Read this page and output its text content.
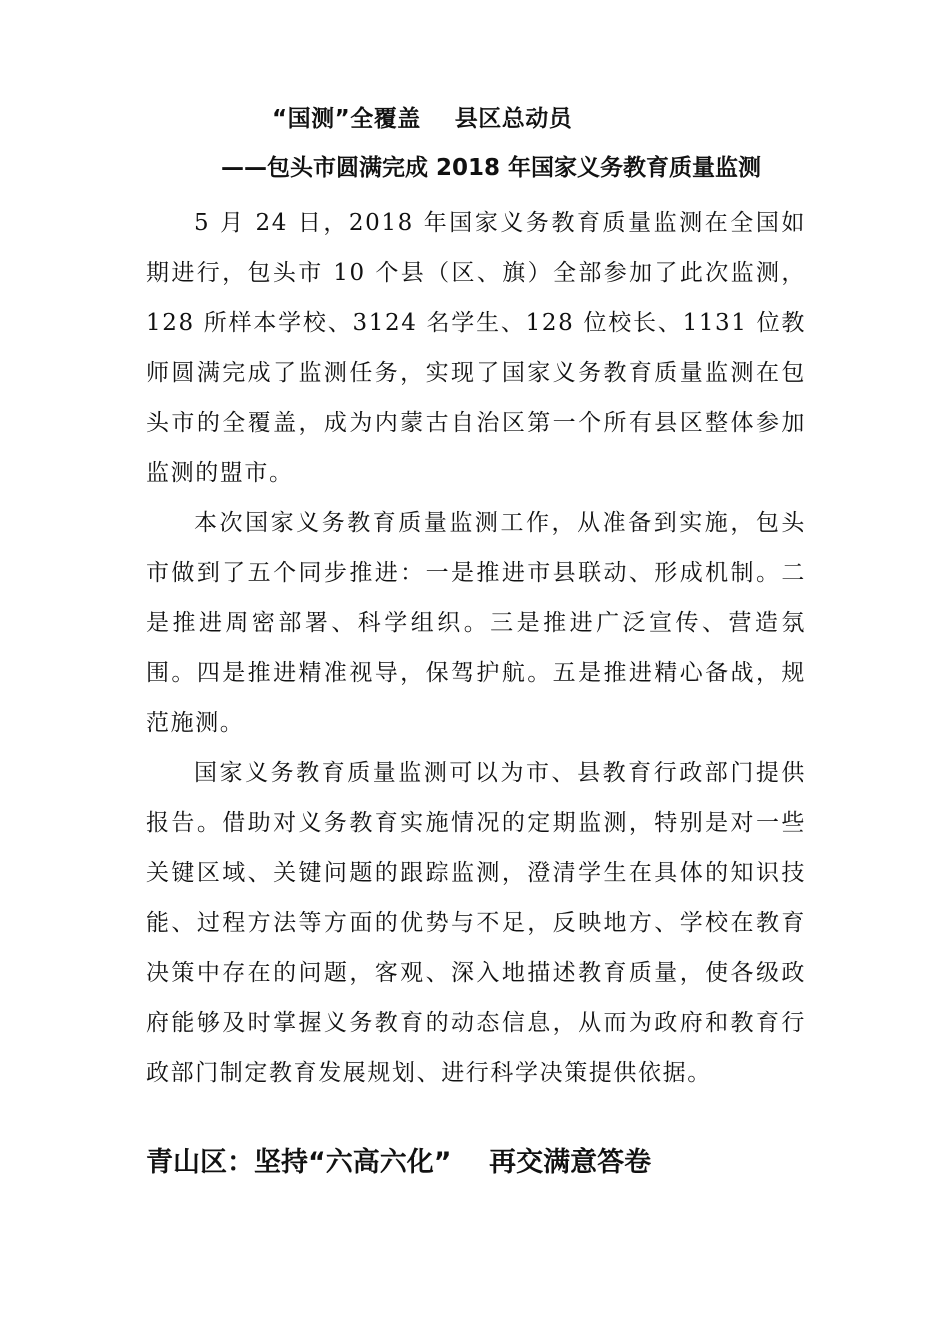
“国测”全覆盖    县区总动员
——包头市圆满完成 2018 年国家义务教育质量监测

5 月 24 日，2018 年国家义务教育质量监测在全国如期进行，包头市 10 个县（区、旗）全部参加了此次监测，128 所样本学校、3124 名学生、128 位校长、1131 位教师圆满完成了监测任务，实现了国家义务教育质量监测在包头市的全覆盖，成为内蒙古自治区第一个所有县区整体参加监测的盟市。

本次国家义务教育质量监测工作，从准备到实施，包头市做到了五个同步推进：一是推进市县联动、形成机制。二是推进周密部署、科学组织。三是推进广泛宣传、营造氛围。四是推进精准视导，保驾护航。五是推进精心备战，规范施测。

国家义务教育质量监测可以为市、县教育行政部门提供报告。借助对义务教育实施情况的定期监测，特别是对一些关键区域、关键问题的跟踪监测，澄清学生在具体的知识技能、过程方法等方面的优势与不足，反映地方、学校在教育决策中存在的问题，客观、深入地描述教育质量，使各级政府能够及时掌握义务教育的动态信息，从而为政府和教育行政部门制定教育发展规划、进行科学决策提供依据。

青山区：坚持“六高六化”    再交满意答卷
